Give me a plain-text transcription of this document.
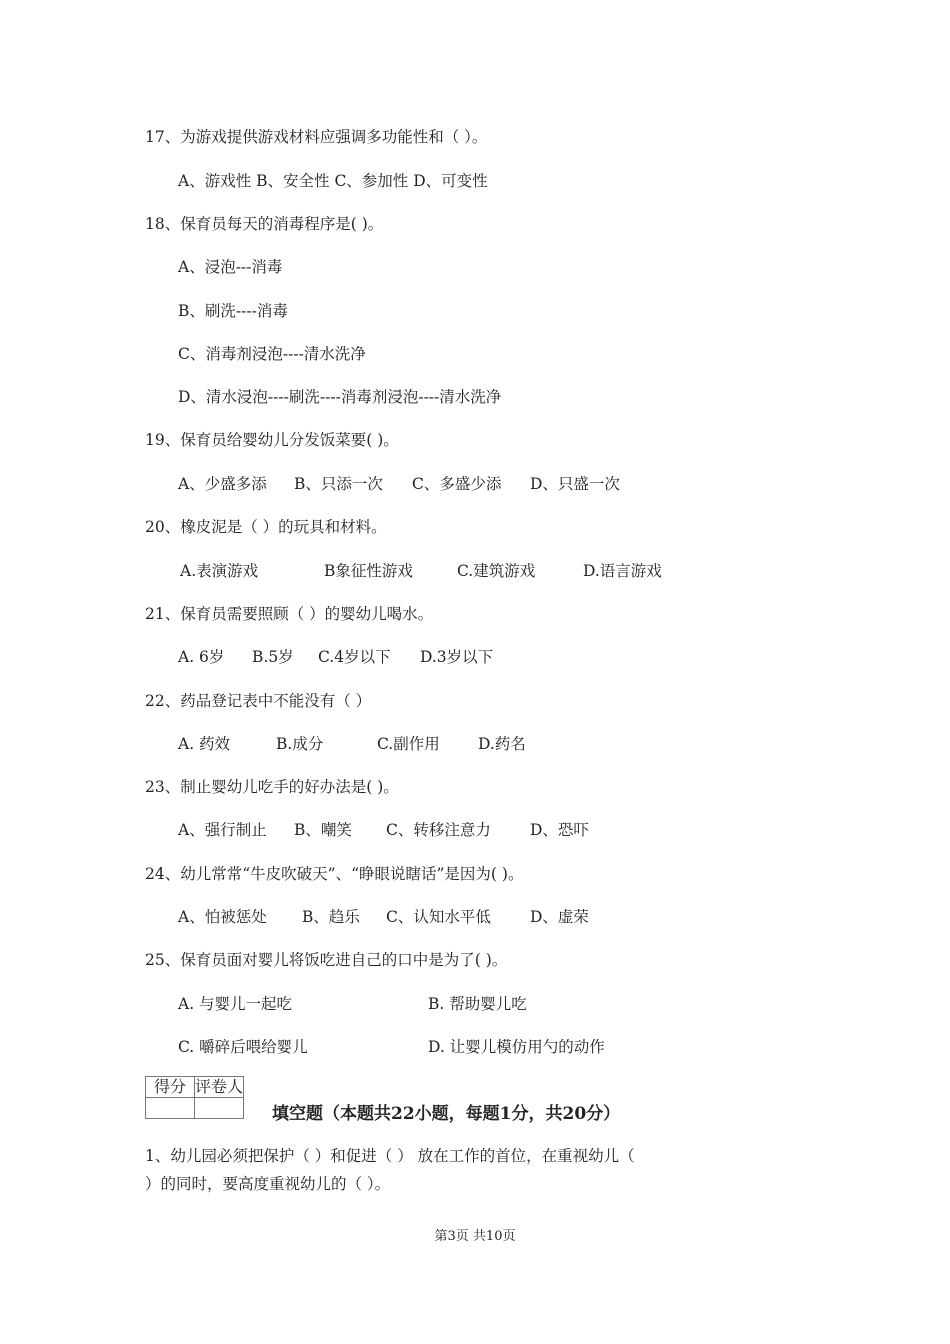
17、为游戏提供游戏材料应强调多功能性和（ ）。
A、游戏性 B、安全性 C、参加性 D、可变性
18、保育员每天的消毒程序是( )。
A、浸泡---消毒
B、刷洗----消毒
C、消毒剂浸泡----清水洗净
D、清水浸泡----刷洗----消毒剂浸泡----清水洗净
19、保育员给婴幼儿分发饭菜要( )。
A、少盛多添 B、只添一次 C、多盛少添 D、只盛一次
20、橡皮泥是（ ）的玩具和材料。
A.表演游戏	B象征性游戏	C.建筑游戏	D.语言游戏
21、保育员需要照顾（ ）的婴幼儿喝水。
A. 6岁 B.5岁 C.4岁以下 D.3岁以下
22、药品登记表中不能没有（ ）
A. 药效	B.成分	C.副作用 D.药名
23、制止婴幼儿吃手的好办法是( )。
A、强行制止 B、嘲笑 C、转移注意力	D、恐吓
24、幼儿常常“牛皮吹破天”、“睁眼说瞎话”是因为( )。
A、怕被惩处 B、趋乐 C、认知水平低	D、虚荣
25、保育员面对婴儿将饭吃进自己的口中是为了( )。
A. 与婴儿一起吃	B. 帮助婴儿吃
C. 嚼碎后喂给婴儿	D. 让婴儿模仿用勺的动作
得分	评卷人

填空题（本题共22小题，每题1分，共20分）
1、幼儿园必须把保护（ ）和促进（ ） 放在工作的首位，在重视幼儿（
）的同时，要高度重视幼儿的（ ）。
第3页 共10页
